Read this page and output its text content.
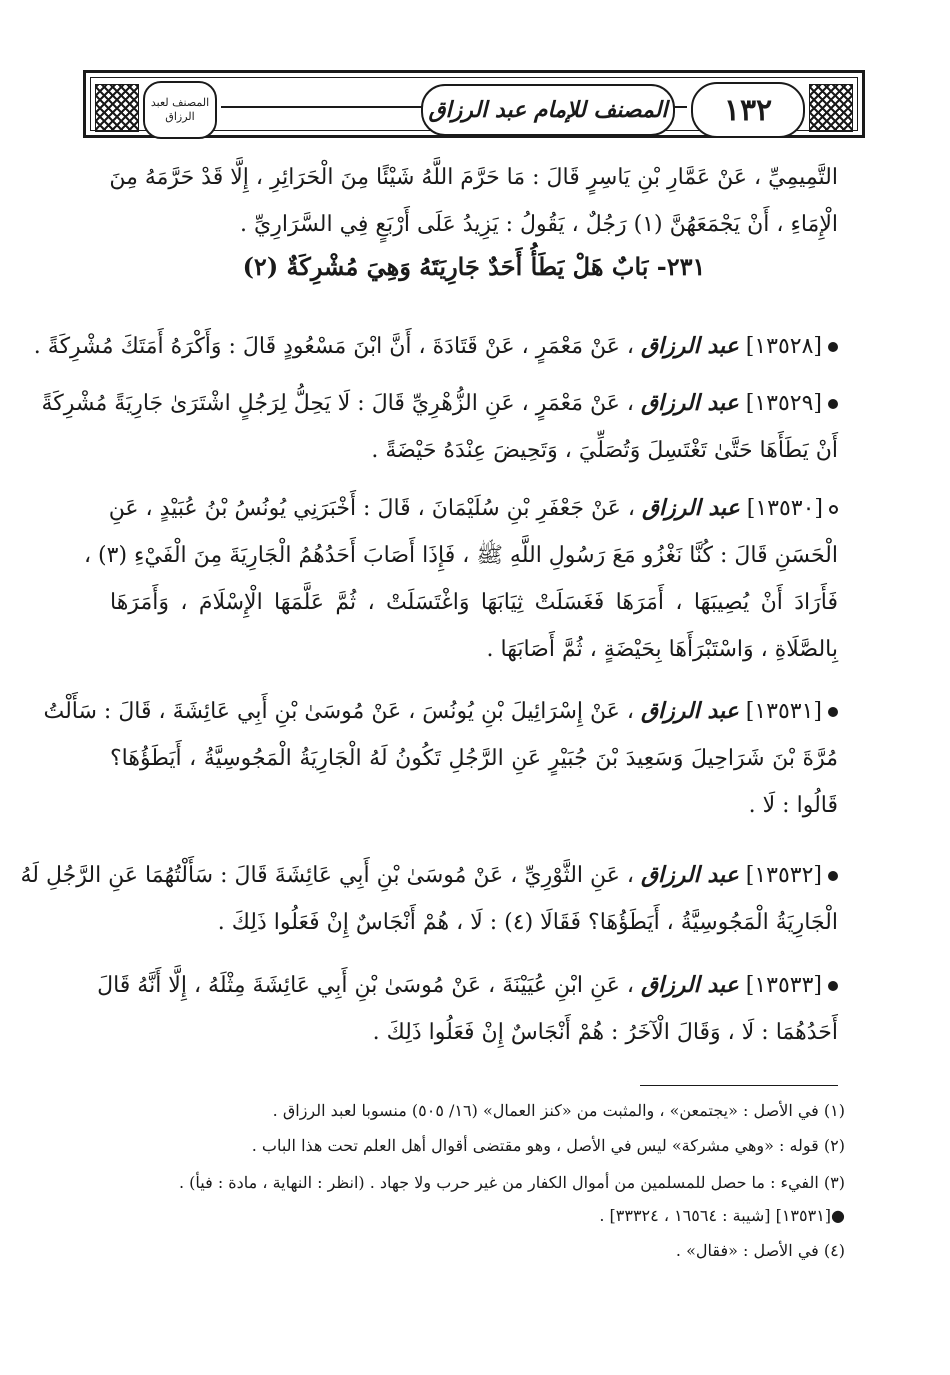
المصنف لعبد الرزاق	المصنف للإمام عبد الرزاق	١٣٢
التَّمِيمِيِّ ، عَنْ عَمَّارِ بْنِ يَاسِرٍ قَالَ : مَا حَرَّمَ اللَّهُ شَيْئًا مِنَ الْحَرَائِرِ ، إِلَّا قَدْ حَرَّمَهُ مِنَ
الْإِمَاءِ ، أَنْ يَجْمَعَهُنَّ (١) رَجُلٌ ، يَقُولُ : يَزِيدُ عَلَى أَرْبَعٍ فِي السَّرَارِيِّ .
٢٣١- بَابٌ هَلْ يَطَأُ أَحَدٌ جَارِيَتَهُ وَهِيَ مُشْرِكَةٌ (٢)
[١٣٥٢٨] عبد الرزاق ، عَنْ مَعْمَرٍ ، عَنْ قَتَادَةَ ، أَنَّ ابْنَ مَسْعُودٍ قَالَ : وَأَكْرَهُ أَمَتَكَ مُشْرِكَةً .
[١٣٥٢٩] عبد الرزاق ، عَنْ مَعْمَرٍ ، عَنِ الزُّهْرِيِّ قَالَ : لَا يَحِلُّ لِرَجُلٍ اشْتَرَىٰ جَارِيَةً مُشْرِكَةً
أَنْ يَطَأَهَا حَتَّىٰ تَغْتَسِلَ وَتُصَلِّيَ ، وَتَحِيضَ عِنْدَهُ حَيْضَةً .
[١٣٥٣٠] عبد الرزاق ، عَنْ جَعْفَرِ بْنِ سُلَيْمَانَ ، قَالَ : أَخْبَرَنِي يُونُسُ بْنُ عُبَيْدٍ ، عَنِ
الْحَسَنِ قَالَ : كُنَّا نَغْزُو مَعَ رَسُولِ اللَّهِ ﷺ ، فَإِذَا أَصَابَ أَحَدُهُمُ الْجَارِيَةَ مِنَ الْفَيْءِ (٣) ،
فَأَرَادَ أَنْ يُصِيبَهَا ، أَمَرَهَا فَغَسَلَتْ ثِيَابَهَا وَاغْتَسَلَتْ ، ثُمَّ عَلَّمَهَا الْإِسْلَامَ ، وَأَمَرَهَا
بِالصَّلَاةِ ، وَاسْتَبْرَأَهَا بِحَيْضَةٍ ، ثُمَّ أَصَابَهَا .
[١٣٥٣١] عبد الرزاق ، عَنْ إِسْرَائِيلَ بْنِ يُونُسَ ، عَنْ مُوسَىٰ بْنِ أَبِي عَائِشَةَ ، قَالَ : سَأَلْتُ
مُرَّةَ بْنَ شَرَاحِيلَ وَسَعِيدَ بْنَ جُبَيْرٍ عَنِ الرَّجُلِ تَكُونُ لَهُ الْجَارِيَةُ الْمَجُوسِيَّةُ ، أَيَطَؤُهَا؟
قَالُوا : لَا .
[١٣٥٣٢] عبد الرزاق ، عَنِ الثَّوْرِيِّ ، عَنْ مُوسَىٰ بْنِ أَبِي عَائِشَةَ قَالَ : سَأَلْتُهُمَا عَنِ الرَّجُلِ لَهُ
الْجَارِيَةُ الْمَجُوسِيَّةُ ، أَيَطَؤُهَا؟ فَقَالَا (٤) : لَا ، هُمْ أَنْجَاسٌ إِنْ فَعَلُوا ذَلِكَ .
[١٣٥٣٣] عبد الرزاق ، عَنِ ابْنِ عُيَيْنَةَ ، عَنْ مُوسَىٰ بْنِ أَبِي عَائِشَةَ مِثْلَهُ ، إِلَّا أَنَّهُ قَالَ
أَحَدُهُمَا : لَا ، وَقَالَ الْآخَرُ : هُمْ أَنْجَاسٌ إِنْ فَعَلُوا ذَلِكَ .
(١) في الأصل : «يجتمعن» ، والمثبت من «كنز العمال» (١٦/ ٥٠٥) منسوبا لعبد الرزاق .
(٢) قوله : «وهي مشركة» ليس في الأصل ، وهو مقتضى أقوال أهل العلم تحت هذا الباب .
(٣) الفيء : ما حصل للمسلمين من أموال الكفار من غير حرب ولا جهاد . (انظر : النهاية ، مادة : فيأ) .
●[١٣٥٣١] [شيبة : ١٦٥٦٤ ، ٣٣٣٢٤] .
(٤) في الأصل : «فقال» .
